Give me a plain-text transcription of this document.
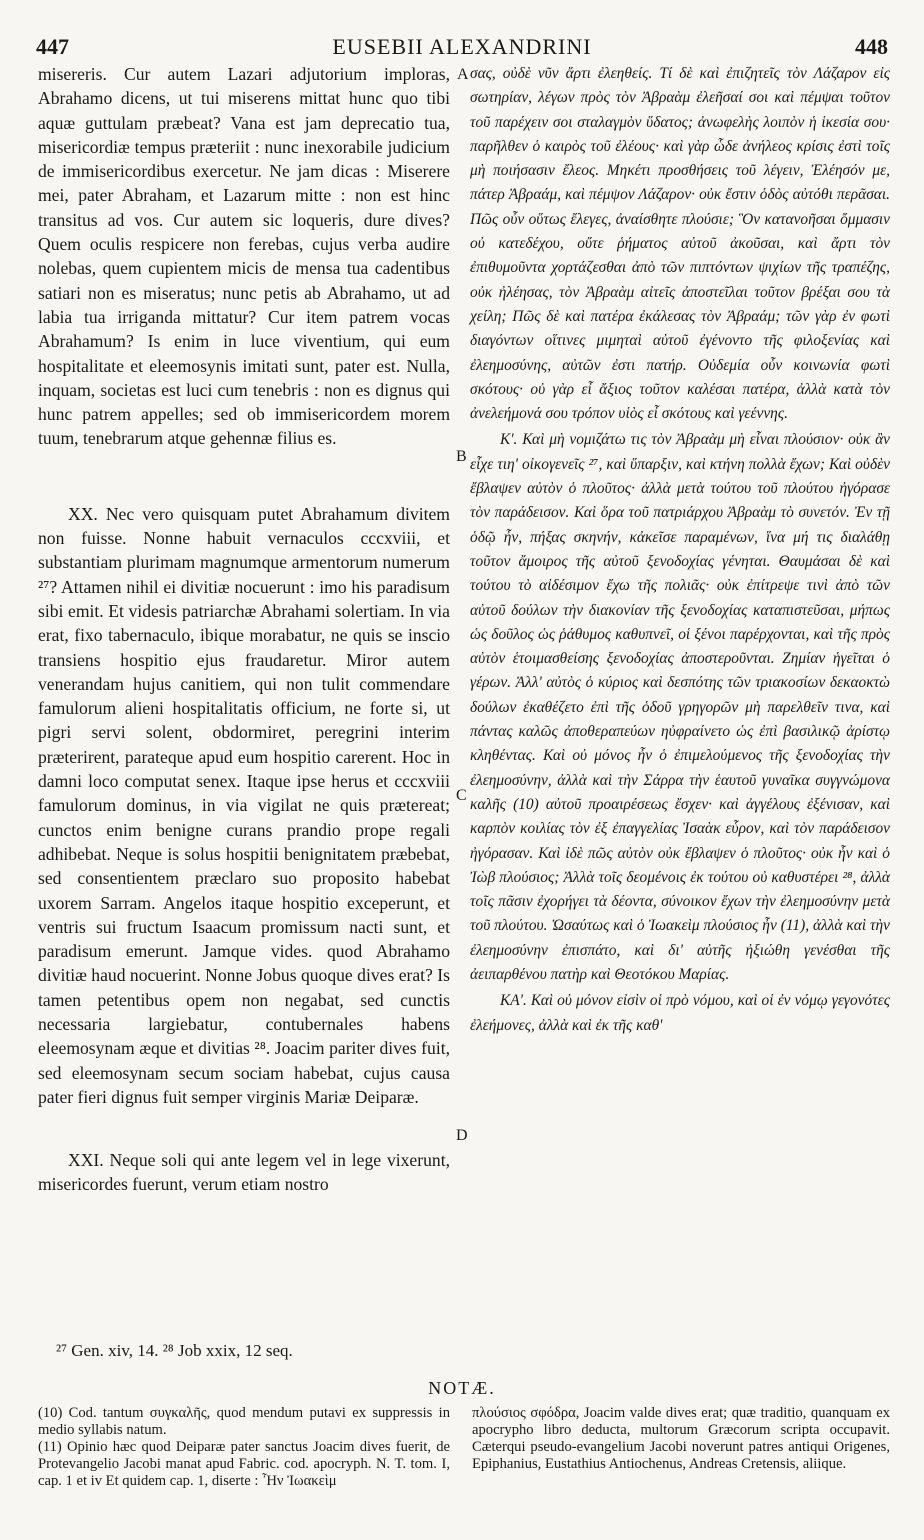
447	EUSEBII ALEXANDRINI	448

misereris. Cur autem Lazari adjutorium imploras, Abrahamo dicens, ut tui miserens mittat hunc quo tibi aquæ guttulam præbeat? Vana est jam deprecatio tua, misericordiæ tempus præteriit : nunc inexorabile judicium de immisericordibus exercetur. Ne jam dicas : Miserere mei, pater Abraham, et Lazarum mitte : non est hinc transitus ad vos. Cur autem sic loqueris, dure dives? Quem oculis respicere non ferebas, cujus verba audire nolebas, quem cupientem micis de mensa tua cadentibus satiari non es miseratus; nunc petis ab Abrahamo, ut ad labia tua irriganda mittatur? Cur item patrem vocas Abrahamum? Is enim in luce viventium, qui eum hospitalitate et eleemosynis imitati sunt, pater est. Nulla, inquam, societas est luci cum tenebris : non es dignus qui hunc patrem appelles; sed ob immisericordem morem tuum, tenebrarum atque gehennæ filius es.

XX. Nec vero quisquam putet Abrahamum divitem non fuisse. Nonne habuit vernaculos cccxviii, et substantiam plurimam magnumque armentorum numerum ²⁷? Attamen nihil ei divitiæ nocuerunt : imo his paradisum sibi emit. Et videsis patriarchæ Abrahami solertiam. In via erat, fixo tabernaculo, ibique morabatur, ne quis se inscio transiens hospitio ejus fraudaretur. Miror autem venerandam hujus canitiem, qui non tulit commendare famulorum alieni hospitalitatis officium, ne forte si, ut pigri servi solent, obdormiret, peregrini interim præterirent, parateque apud eum hospitio carerent. Hoc in damni loco computat senex. Itaque ipse herus et cccxviii famulorum dominus, in via vigilat ne quis prætereat; cunctos enim benigne curans prandio prope regali adhibebat. Neque is solus hospitii benignitatem præbebat, sed consentientem præclaro suo proposito habebat uxorem Sarram. Angelos itaque hospitio exceperunt, et ventris sui fructum Isaacum promissum nacti sunt, et paradisum emerunt. Jamque vides. quod Abrahamo divitiæ haud nocuerint. Nonne Jobus quoque dives erat? Is tamen petentibus opem non negabat, sed cunctis necessaria largiebatur, contubernales habens eleemosynam æque et divitias ²⁸. Joacim pariter dives fuit, sed eleemosynam secum sociam habebat, cujus causa pater fieri dignus fuit semper virginis Mariæ Deiparæ.

XXI. Neque soli qui ante legem vel in lege vixerunt, misericordes fuerunt, verum etiam nostro

A
B
C
D

σας, οὐδὲ νῦν ἄρτι ἐλεηθείς. Τί δὲ καὶ ἐπιζητεῖς τὸν Λάζαρον εἰς σωτηρίαν, λέγων πρὸς τὸν Ἀβραὰμ ἐλεῆσαί σοι καὶ πέμψαι τοῦτον τοῦ παρέχειν σοι σταλαγμὸν ὕδατος; ἀνωφελὴς λοιπὸν ἡ ἱκεσία σου· παρῆλθεν ὁ καιρὸς τοῦ ἐλέους· καὶ γὰρ ὧδε ἀνήλεος κρίσις ἐστὶ τοῖς μὴ ποιήσασιν ἔλεος. Μηκέτι προσθήσεις τοῦ λέγειν, Ἐλέησόν με, πάτερ Ἀβραάμ, καὶ πέμψον Λάζαρον· οὐκ ἔστιν ὁδὸς αὐτόθι περᾶσαι. Πῶς οὖν οὕτως ἔλεγες, ἀναίσθητε πλούσιε; Ὃν κατανοῆσαι ὄμμασιν οὐ κατεδέχου, οὔτε ῥήματος αὐτοῦ ἀκοῦσαι, καὶ ἄρτι τὸν ἐπιθυμοῦντα χορτάζεσθαι ἀπὸ τῶν πιπτόντων ψιχίων τῆς τραπέζης, οὐκ ἠλέησας, τὸν Ἀβραὰμ αἰτεῖς ἀποστεῖλαι τοῦτον βρέξαι σου τὰ χείλη; Πῶς δὲ καὶ πατέρα ἐκάλεσας τὸν Ἀβραάμ; τῶν γὰρ ἐν φωτὶ διαγόντων οἵτινες μιμηταὶ αὐτοῦ ἐγένοντο τῆς φιλοξενίας καὶ ἐλεημοσύνης, αὐτῶν ἐστι πατήρ. Οὐδεμία οὖν κοινωνία φωτὶ σκότους· οὐ γὰρ εἶ ἄξιος τοῦτον καλέσαι πατέρα, ἀλλὰ κατὰ τὸν ἀνελεήμονά σου τρόπον υἱὸς εἶ σκότους καὶ γεέννης.

Κ'. Καὶ μὴ νομιζάτω τις τὸν Ἀβραὰμ μὴ εἶναι πλούσιον· οὐκ ἂν εἶχε τιη' οἰκογενεῖς ²⁷, καὶ ὕπαρξιν, καὶ κτήνη πολλὰ ἔχων; Καὶ οὐδὲν ἔβλαψεν αὐτὸν ὁ πλοῦτος· ἀλλὰ μετὰ τούτου τοῦ πλούτου ἠγόρασε τὸν παράδεισον. Καὶ ὅρα τοῦ πατριάρχου Ἀβραὰμ τὸ συνετόν. Ἐν τῇ ὁδῷ ἦν, πήξας σκηνήν, κἀκεῖσε παραμένων, ἵνα μή τις διαλάθῃ τοῦτον ἄμοιρος τῆς αὐτοῦ ξενοδοχίας γένηται. Θαυμάσαι δὲ καὶ τούτου τὸ αἰδέσιμον ἔχω τῆς πολιᾶς· οὐκ ἐπίτρεψε τινὶ ἀπὸ τῶν αὐτοῦ δούλων τὴν διακονίαν τῆς ξενοδοχίας καταπιστεῦσαι, μήπως ὡς δοῦλος ὡς ῥάθυμος καθυπνεῖ, οἱ ξένοι παρέρχονται, καὶ τῆς πρὸς αὐτὸν ἑτοιμασθείσης ξενοδοχίας ἀποστεροῦνται. Ζημίαν ἡγεῖται ὁ γέρων. Ἀλλ' αὐτὸς ὁ κύριος καὶ δεσπότης τῶν τριακοσίων δεκαοκτὼ δούλων ἐκαθέζετο ἐπὶ τῆς ὁδοῦ γρηγορῶν μὴ παρελθεῖν τινα, καὶ πάντας καλῶς ἀποθεραπεύων ηὐφραίνετο ὡς ἐπὶ βασιλικῷ ἀρίστῳ κληθέντας. Καὶ οὐ μόνος ἦν ὁ ἐπιμελούμενος τῆς ξενοδοχίας τὴν ἐλεημοσύνην, ἀλλὰ καὶ τὴν Σάρρα τὴν ἑαυτοῦ γυναῖκα συγγνώμονα καλῆς (10) αὐτοῦ προαιρέσεως ἔσχεν· καὶ ἀγγέλους ἐξένισαν, καὶ καρπὸν κοιλίας τὸν ἐξ ἐπαγγελίας Ἰσαὰκ εὗρον, καὶ τὸν παράδεισον ἠγόρασαν. Καὶ ἰδὲ πῶς αὐτὸν οὐκ ἔβλαψεν ὁ πλοῦτος· οὐκ ἦν καὶ ὁ Ἰὼβ πλούσιος; Ἀλλὰ τοῖς δεομένοις ἐκ τούτου οὐ καθυστέρει ²⁸, ἀλλὰ τοῖς πᾶσιν ἐχορήγει τὰ δέοντα, σύνοικον ἔχων τὴν ἐλεημοσύνην μετὰ τοῦ πλούτου. Ὡσαύτως καὶ ὁ Ἰωακεὶμ πλούσιος ἦν (11), ἀλλὰ καὶ τὴν ἐλεημοσύνην ἐπισπάτο, καὶ δι' αὐτῆς ἠξιώθη γενέσθαι τῆς ἀειπαρθένου πατὴρ καὶ Θεοτόκου Μαρίας.

ΚΑ'. Καὶ οὐ μόνον εἰσὶν οἱ πρὸ νόμου, καὶ οἱ ἐν νόμῳ γεγονότες ἐλεήμονες, ἀλλὰ καὶ ἐκ τῆς καθ'

²⁷ Gen. xiv, 14. ²⁸ Job xxix, 12 seq.
NOTÆ.

(10) Cod. tantum συγκαλῆς, quod mendum putavi ex suppressis in medio syllabis natum.

(11) Opinio hæc quod Deiparæ pater sanctus Joacim dives fuerit, de Protevangelio Jacobi manat apud Fabric. cod. apocryph. N. T. tom. I, cap. 1 et iv Et quidem cap. 1, diserte : Ἦν Ἰωακεὶμ

πλούσιος σφόδρα, Joacim valde dives erat; quæ traditio, quanquam ex apocrypho libro deducta, multorum Græcorum scripta occupavit. Cæterqui pseudo-evangelium Jacobi noverunt patres antiqui Origenes, Epiphanius, Eustathius Antiochenus, Andreas Cretensis, aliique.
